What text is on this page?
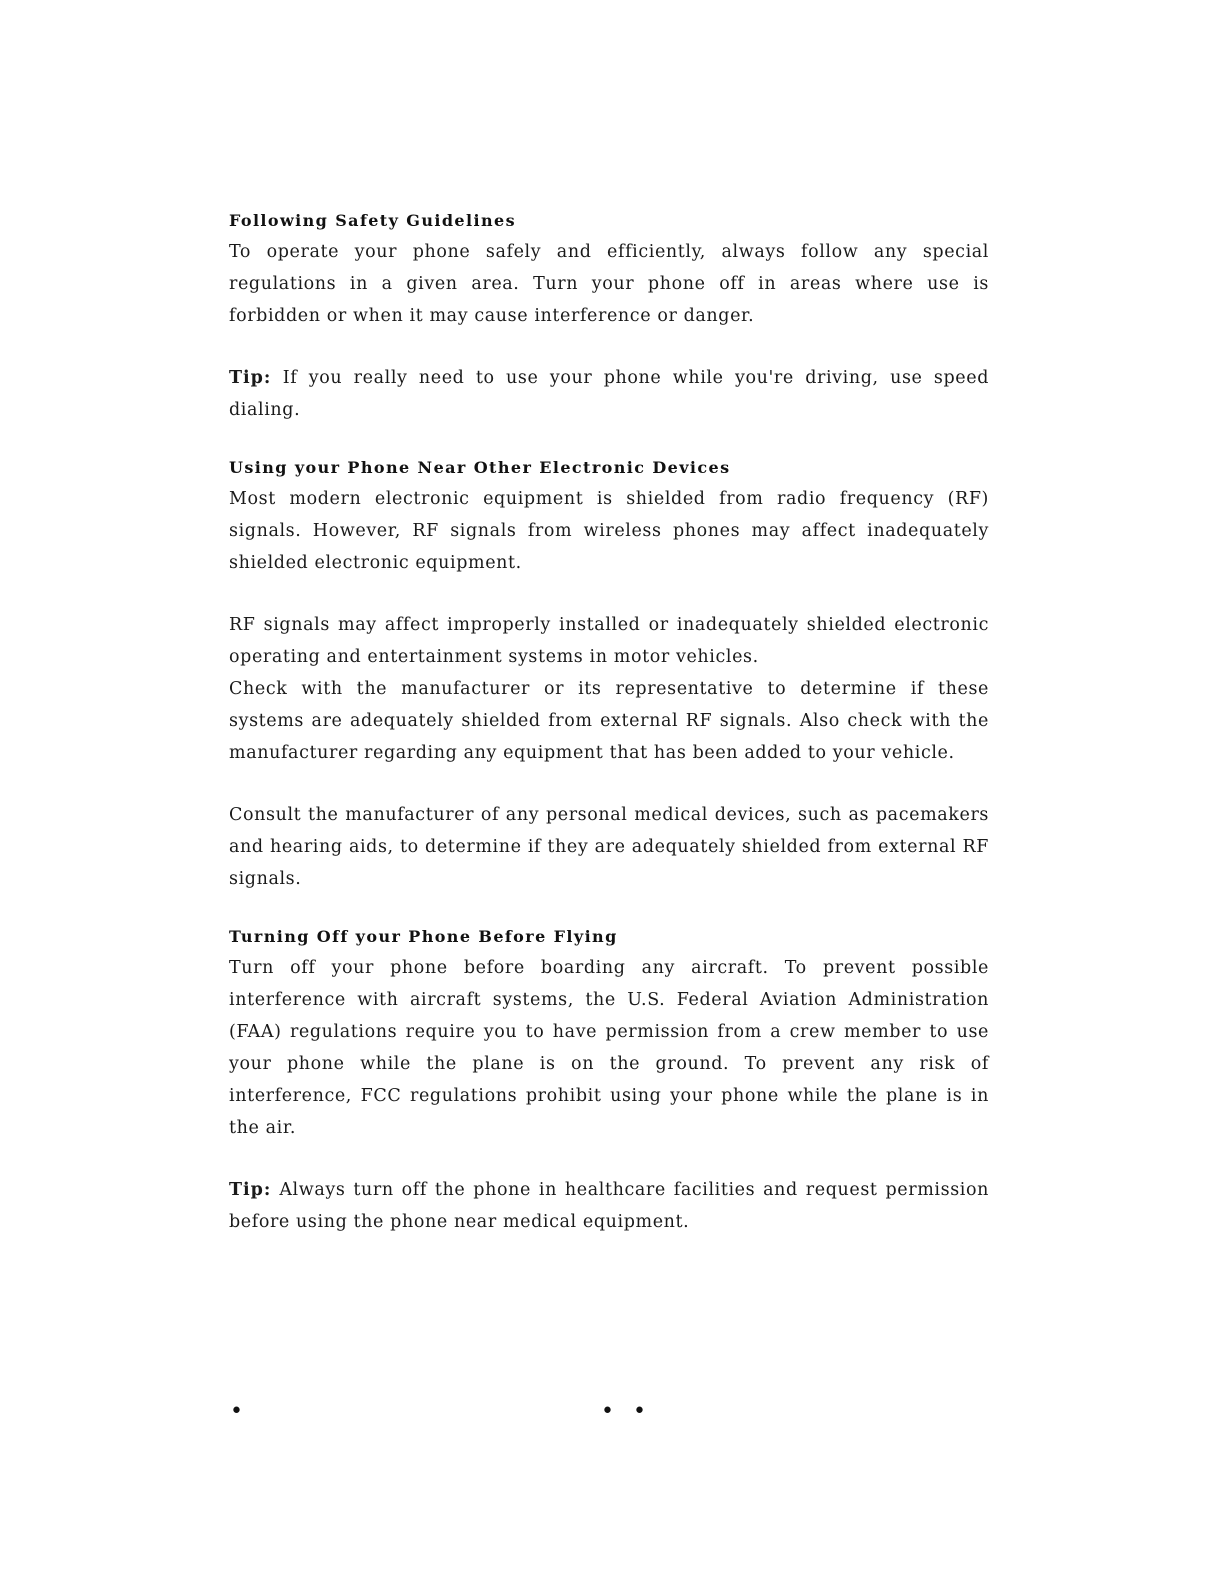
Following Safety Guidelines

To operate your phone safely and efficiently, always follow any special regulations in a given area. Turn your phone off in areas where use is forbidden or when it may cause interference or danger.

Tip: If you really need to use your phone while you're driving, use speed dialing.

Using your Phone Near Other Electronic Devices

Most modern electronic equipment is shielded from radio frequency (RF) signals. However, RF signals from wireless phones may affect inadequately shielded electronic equipment.

RF signals may affect improperly installed or inadequately shielded electronic operating and entertainment systems in motor vehicles.

Check with the manufacturer or its representative to determine if these systems are adequately shielded from external RF signals. Also check with the manufacturer regarding any equipment that has been added to your vehicle.

Consult the manufacturer of any personal medical devices, such as pacemakers and hearing aids, to determine if they are adequately shielded from external RF signals.

Turning Off your Phone Before Flying

Turn off your phone before boarding any aircraft. To prevent possible interference with aircraft systems, the U.S. Federal Aviation Administration (FAA) regulations require you to have permission from a crew member to use your phone while the plane is on the ground. To prevent any risk of interference, FCC regulations prohibit using your phone while the plane is in the air.

Tip: Always turn off the phone in healthcare facilities and request permission before using the phone near medical equipment.

•	• •
